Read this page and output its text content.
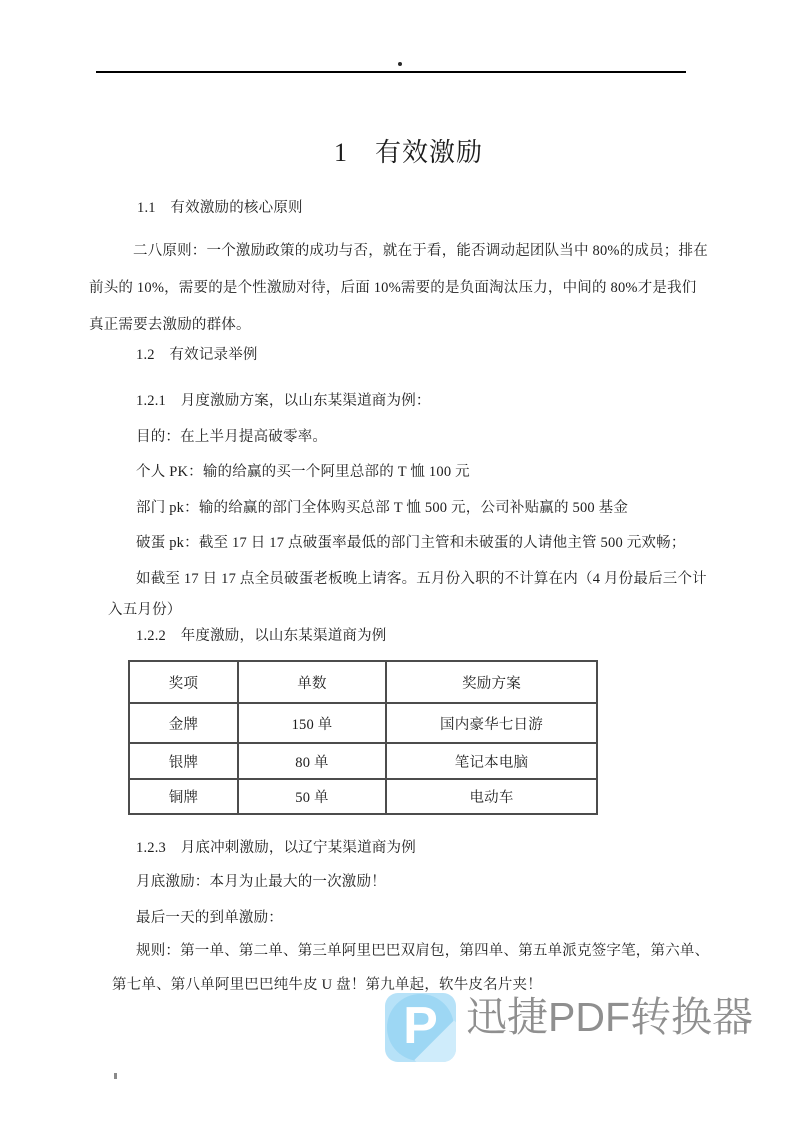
1　有效激励

1.1　有效激励的核心原则

二八原则：一个激励政策的成功与否，就在于看，能否调动起团队当中 80%的成员；排在

前头的 10%，需要的是个性激励对待，后面 10%需要的是负面淘汰压力，中间的 80%才是我们

真正需要去激励的群体。

1.2　有效记录举例

1.2.1　月度激励方案，以山东某渠道商为例：

目的：在上半月提高破零率。

个人 PK：输的给赢的买一个阿里总部的 T 恤 100 元

部门 pk：输的给赢的部门全体购买总部 T 恤 500 元，公司补贴赢的 500 基金

破蛋 pk：截至 17 日 17 点破蛋率最低的部门主管和未破蛋的人请他主管 500 元欢畅；

如截至 17 日 17 点全员破蛋老板晚上请客。五月份入职的不计算在内（4 月份最后三个计

入五月份）

1.2.2　年度激励，以山东某渠道商为例

奖项	单数	奖励方案
金牌	150 单	国内豪华七日游
银牌	80 单	笔记本电脑
铜牌	50 单	电动车

1.2.3　月底冲刺激励，以辽宁某渠道商为例

月底激励：本月为止最大的一次激励！

最后一天的到单激励：

规则：第一单、第二单、第三单阿里巴巴双肩包，第四单、第五单派克签字笔，第六单、

第七单、第八单阿里巴巴纯牛皮 U 盘！第九单起，软牛皮名片夹！

P 迅捷PDF转换器
